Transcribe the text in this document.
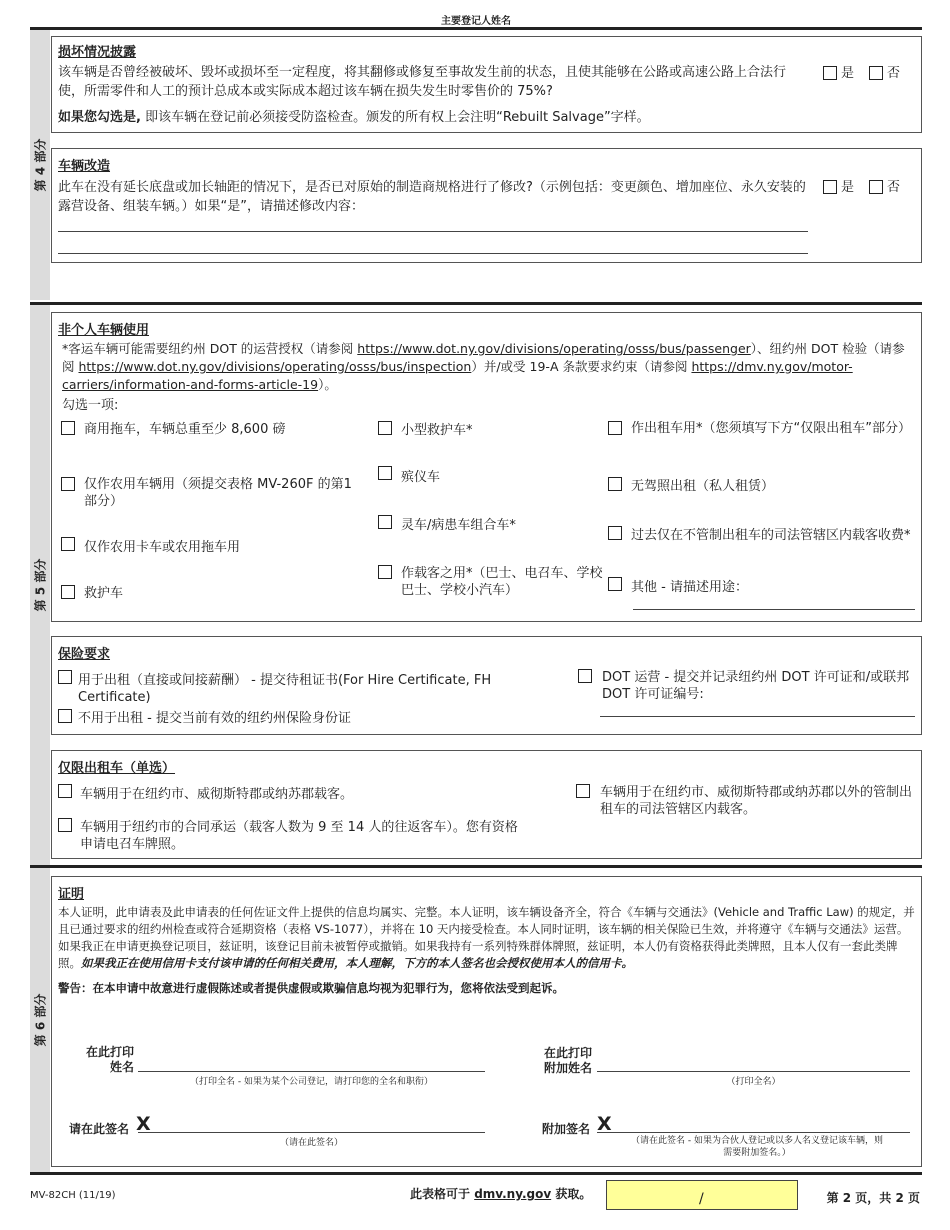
主要登记人姓名
第 4 部分
损坏情况披露
该车辆是否曾经被破坏、毁坏或损坏至一定程度，将其翻修或修复至事故发生前的状态，且使其能够在公路或高速公路上合法行使，所需零件和人工的预计总成本或实际成本超过该车辆在损失发生时零售价的 75%?
如果您勾选是, 即该车辆在登记前必须接受防盗检查。颁发的所有权上会注明“Rebuilt Salvage”字样。
是	否
车辆改造
此车在没有延长底盘或加长轴距的情况下，是否已对原始的制造商规格进行了修改?（示例包括：变更颜色、增加座位、永久安装的露营设备、组装车辆。）如果“是”，请描述修改内容：
是	否
第 5 部分
非个人车辆使用
*客运车辆可能需要纽约州 DOT 的运营授权（请参阅 https://www.dot.ny.gov/divisions/operating/osss/bus/passenger）、纽约州 DOT 检验（请参阅 https://www.dot.ny.gov/divisions/operating/osss/bus/inspection）并/或受 19-A 条款要求约束（请参阅 https://dmv.ny.gov/motor-carriers/information-and-forms-article-19）。
勾选一项:
商用拖车，车辆总重至少 8,600 磅
仅作农用车辆用（须提交表格 MV-260F 的第1部分）
仅作农用卡车或农用拖车用
救护车
小型救护车*
殡仪车
灵车/病患车组合车*
作载客之用*（巴士、电召车、学校巴士、学校小汽车）
作出租车用*（您须填写下方“仅限出租车”部分）
无驾照出租（私人租赁）
过去仅在不管制出租车的司法管辖区内载客收费*
其他 - 请描述用途：
保险要求
用于出租（直接或间接薪酬） - 提交待租证书(For Hire Certificate, FH Certificate)
不用于出租 - 提交当前有效的纽约州保险身份证
DOT 运营 - 提交并记录纽约州 DOT 许可证和/或联邦 DOT 许可证编号:
仅限出租车（单选）
车辆用于在纽约市、威彻斯特郡或纳苏郡载客。
车辆用于纽约市的合同承运（载客人数为 9 至 14 人的往返客车）。您有资格申请电召车牌照。
车辆用于在纽约市、威彻斯特郡或纳苏郡以外的管制出租车的司法管辖区内载客。
第 6 部分
证明
本人证明，此申请表及此申请表的任何佐证文件上提供的信息均属实、完整。本人证明，该车辆设备齐全，符合《车辆与交通法》(Vehicle and Traffic Law) 的规定，并且已通过要求的纽约州检查或符合延期资格（表格 VS-1077），并将在 10 天内接受检查。本人同时证明，该车辆的相关保险已生效，并将遵守《车辆与交通法》运营。如果我正在申请更换登记项目，兹证明，该登记目前未被暂停或撤销。如果我持有一系列特殊群体牌照，兹证明，本人仍有资格获得此类牌照，且本人仅有一套此类牌照。如果我正在使用信用卡支付该申请的任何相关费用，本人理解，下方的本人签名也会授权使用本人的信用卡。
警告：在本申请中故意进行虚假陈述或者提供虚假或欺骗信息均视为犯罪行为，您将依法受到起诉。
在此打印
姓名
（打印全名 - 如果为某个公司登记，请打印您的全名和职衔）
在此打印
附加姓名
（打印全名）
请在此签名 X
（请在此签名）
附加签名 X
（请在此签名 - 如果为合伙人登记或以多人名义登记该车辆，则需要附加签名。）
MV-82CH (11/19)	此表格可于 dmv.ny.gov 获取。	/	第 2 页，共 2 页
